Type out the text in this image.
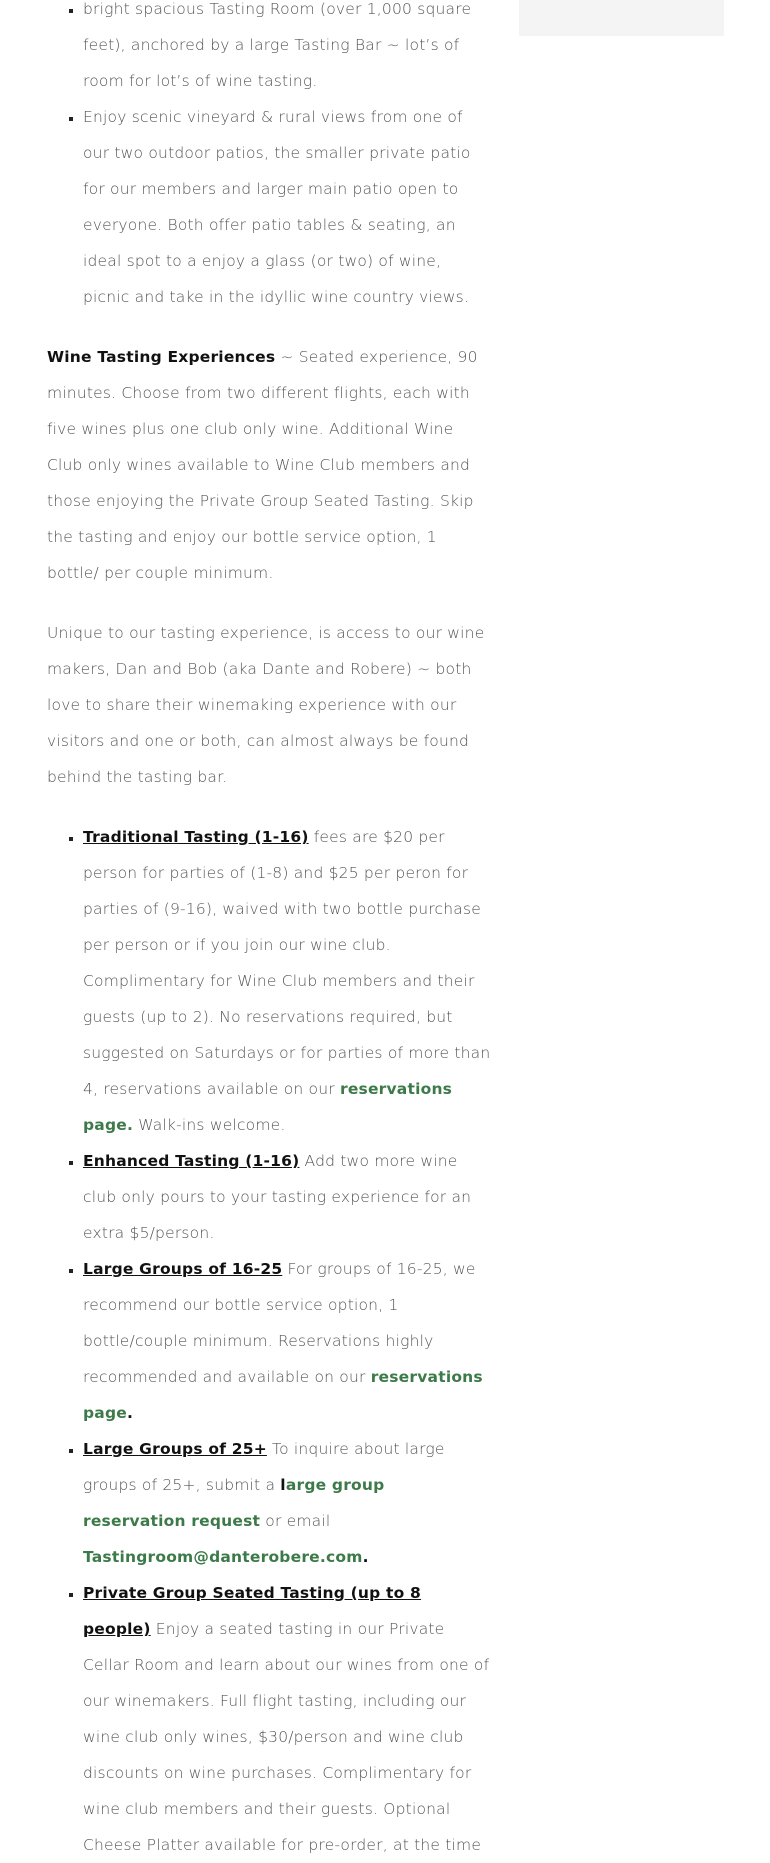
▪ bright spacious Tasting Room (over 1,000 square feet), anchored by a large Tasting Bar ~ lot’s of room for lot’s of wine tasting.
▪ Enjoy scenic vineyard & rural views from one of our two outdoor patios, the smaller private patio for our members and larger main patio open to everyone. Both offer patio tables & seating, an ideal spot to a enjoy a glass (or two) of wine, picnic and take in the idyllic wine country views.

Wine Tasting Experiences ~ Seated experience, 90 minutes. Choose from two different flights, each with five wines plus one club only wine. Additional Wine Club only wines available to Wine Club members and those enjoying the Private Group Seated Tasting. Skip the tasting and enjoy our bottle service option, 1 bottle/ per couple minimum.

Unique to our tasting experience, is access to our wine makers, Dan and Bob (aka Dante and Robere) ~ both love to share their winemaking experience with our visitors and one or both, can almost always be found behind the tasting bar.

▪ Traditional Tasting (1-16) fees are $20 per person for parties of (1-8) and $25 per peron for parties of (9-16), waived with two bottle purchase per person or if you join our wine club. Complimentary for Wine Club members and their guests (up to 2). No reservations required, but suggested on Saturdays or for parties of more than 4, reservations available on our reservations page. Walk-ins welcome.
▪ Enhanced Tasting (1-16) Add two more wine club only pours to your tasting experience for an extra $5/person.
▪ Large Groups of 16-25 For groups of 16-25, we recommend our bottle service option, 1 bottle/couple minimum. Reservations highly recommended and available on our reservations page.
▪ Large Groups of 25+ To inquire about large groups of 25+, submit a large group reservation request or email Tastingroom@danterobere.com.
▪ Private Group Seated Tasting (up to 8 people) Enjoy a seated tasting in our Private Cellar Room and learn about our wines from one of our winemakers. Full flight tasting, including our wine club only wines, $30/person and wine club discounts on wine purchases. Complimentary for wine club members and their guests. Optional Cheese Platter available for pre-order, at the time
